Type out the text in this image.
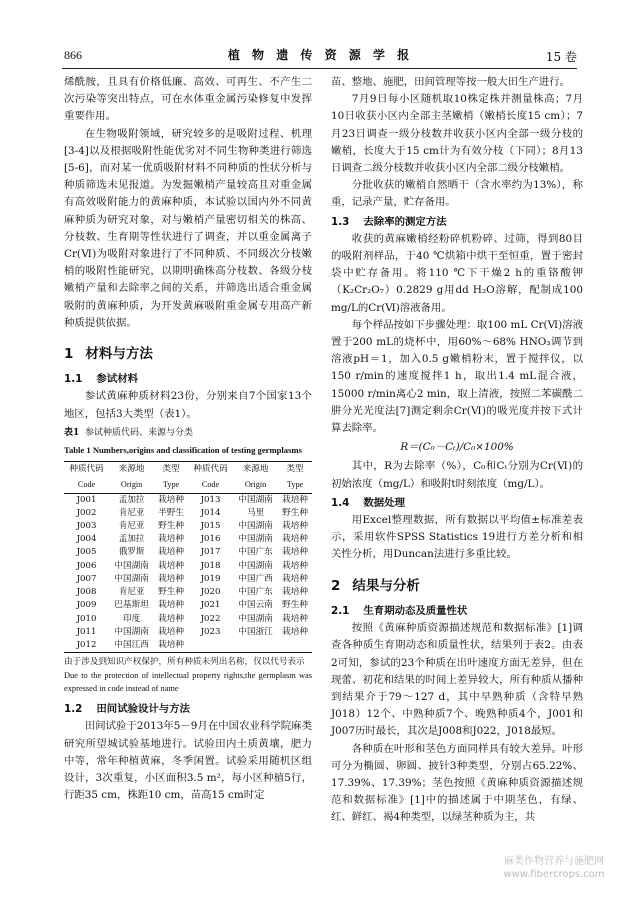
866	植 物 遗 传 资 源 学 报	15 卷

烯酰胺，且具有价格低廉、高效、可再生、不产生二次污染等突出特点，可在水体重金属污染修复中发挥重要作用。

在生物吸附领域，研究较多的是吸附过程、机理[3-4]以及根据吸附性能优劣对不同生物种类进行筛选[5-6]，而对某一优质吸附材料不同种质的性状分析与种质筛选未见报道。为发掘嫩梢产量较高且对重金属有高效吸附能力的黄麻种质，本试验以国内外不同黄麻种质为研究对象，对与嫩梢产量密切相关的株高、分枝数、生育期等性状进行了调查，并以重金属离子Cr(Ⅵ)为吸附对象进行了不同种质、不同级次分枝嫩梢的吸附性能研究，以期明确株高分枝数、各级分枝嫩梢产量和去除率之间的关系，并筛选出适合重金属吸附的黄麻种质，为开发黄麻吸附重金属专用高产新种质提供依据。

1 材料与方法
1.1 参试材料

参试黄麻种质材料23份，分别来自7个国家13个地区，包括3大类型（表1）。

表1 参试种质代码、来源与分类
Table 1 Numbers,origins and classification of testing germplasms
种质代码	来源地	类型	种质代码	来源地	类型
Code	Origin	Type	Code	Origin	Type
J001	孟加拉	栽培种	J013	中国湖南	栽培种
J002	肯尼亚	半野生	J014	马里	野生种
J003	肯尼亚	野生种	J015	中国湖南	栽培种
J004	孟加拉	栽培种	J016	中国湖南	栽培种
J005	俄罗斯	栽培种	J017	中国广东	栽培种
J006	中国湖南	栽培种	J018	中国湖南	栽培种
J007	中国湖南	栽培种	J019	中国广西	栽培种
J008	肯尼亚	野生种	J020	中国广东	栽培种
J009	巴基斯坦	栽培种	J021	中国云南	野生种
J010	印度	栽培种	J022	中国湖南	栽培种
J011	中国湖南	栽培种	J023	中国浙江	栽培种
J012	中国江西	栽培种			
由于涉及到知识产权保护，所有种质未列出名称，仅以代号表示
Due to the protection of intellectual property rights,the germplasm was expressed in code instead of name
1.2 田间试验设计与方法

田间试验于2013年5－9月在中国农业科学院麻类研究所望城试验基地进行。试验田内土质黄壤，肥力中等，常年种植黄麻，冬季闲置。试验采用随机区组设计，3次重复，小区面积3.5 m²，每小区种植5行，行距35 cm，株距10 cm，苗高15 cm时定

苗、整地、施肥，田间管理等按一般大田生产进行。

7月9日每小区随机取10株定株并测量株高；7月10日收获小区内全部主茎嫩梢（嫩梢长度15 cm）；7月23日调查一级分枝数并收获小区内全部一级分枝的嫩梢，长度大于15 cm计为有效分枝（下同）；8月13日调查二级分枝数并收获小区内全部二级分枝嫩梢。

分批收获的嫩梢自然晒干（含水率约为13%），称重，记录产量，贮存备用。

1.3 去除率的测定方法

收获的黄麻嫩梢经粉碎机粉碎、过筛，得到80目的吸附剂样品，于40 ℃烘箱中烘干至恒重，置于密封袋中贮存备用。将110 ℃下干燥2 h的重铬酸钾（K₂Cr₂O₇）0.2829 g用dd H₂O溶解，配制成100 mg/L的Cr(Ⅵ)溶液备用。

每个样品按如下步骤处理：取100 mL Cr(Ⅵ)溶液置于200 mL的烧杯中，用60%～68% HNO₃调节到溶液pH＝1，加入0.5 g嫩梢粉末，置于搅拌仪，以150 r/min的速度搅拌1 h，取出1.4 mL混合液，15000 r/min离心2 min，取上清液，按照二苯碳酰二肼分光光度法[7]测定剩余Cr(Ⅵ)的吸光度并按下式计算去除率。

R＝(C₀－Cₜ)/C₀×100%

其中，R为去除率（%），C₀和Cₜ分别为Cr(Ⅵ)的初始浓度（mg/L）和吸附t时刻浓度（mg/L）。

1.4 数据处理

用Excel整理数据，所有数据以平均值±标准差表示，采用软件SPSS Statistics 19进行方差分析和相关性分析，用Duncan法进行多重比较。

2 结果与分析
2.1 生育期动态及质量性状

按照《黄麻种质资源描述规范和数据标准》[1]调查各种质生育期动态和质量性状，结果列于表2。由表2可知，参试的23个种质在出叶速度方面无差异，但在现蕾、初花和结果的时间上差异较大，所有种质从播种到结果介于79～127 d，其中早熟种质（含特早熟J018）12个、中熟种质7个、晚熟种质4个，J001和J007历时最长，其次是J008和J022，J018最短。

各种质在叶形和茎色方面同样具有较大差异。叶形可分为椭圆、卵圆、披针3种类型，分别占65.22%、17.39%、17.39%；茎色按照《黄麻种质资源描述规范和数据标准》[1]中的描述属于中期茎色，有绿、红、鲜红、褐4种类型，以绿茎种质为主，共

麻类作物营养与施肥网
www.fibercrops.com
